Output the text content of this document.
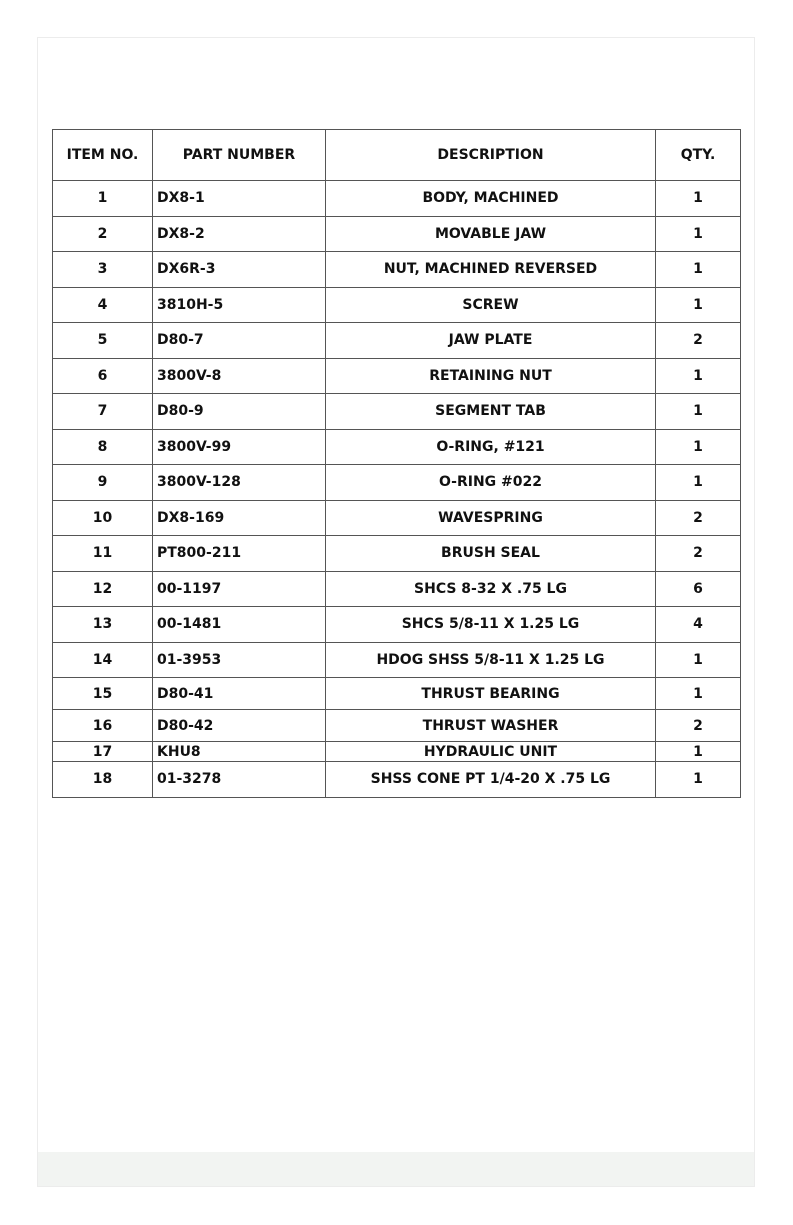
ITEM NO.	PART NUMBER	DESCRIPTION	QTY.
1	DX8-1	BODY, MACHINED	1
2	DX8-2	MOVABLE JAW	1
3	DX6R-3	NUT, MACHINED REVERSED	1
4	3810H-5	SCREW	1
5	D80-7	JAW PLATE	2
6	3800V-8	RETAINING NUT	1
7	D80-9	SEGMENT TAB	1
8	3800V-99	O-RING, #121	1
9	3800V-128	O-RING #022	1
10	DX8-169	WAVESPRING	2
11	PT800-211	BRUSH SEAL	2
12	00-1197	SHCS 8-32 X .75 LG	6
13	00-1481	SHCS 5/8-11 X 1.25 LG	4
14	01-3953	HDOG SHSS 5/8-11 X 1.25 LG	1
15	D80-41	THRUST BEARING	1
16	D80-42	THRUST WASHER	2
17	KHU8	HYDRAULIC UNIT	1
18	01-3278	SHSS CONE PT 1/4-20 X .75 LG	1
